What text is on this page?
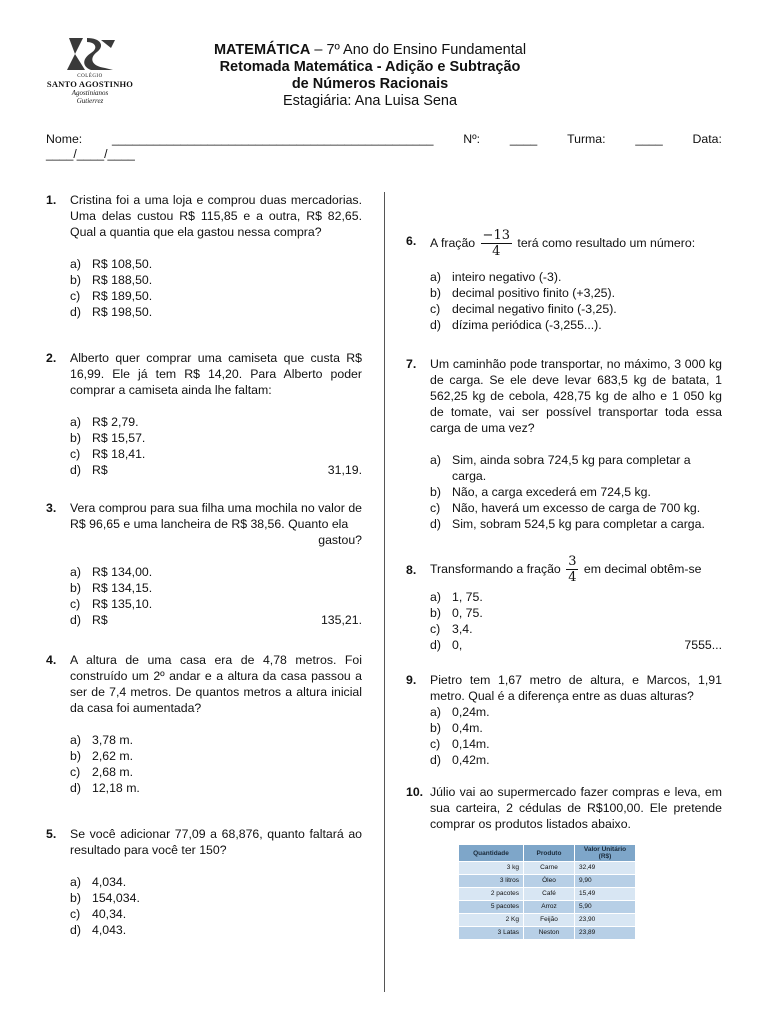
COLÉGIO
SANTO AGOSTINHO
Agostinianos
Gutierrez
MATEMÁTICA – 7º Ano do Ensino Fundamental
Retomada Matemática - Adição e Subtração
de Números Racionais
Estagiária: Ana Luisa Sena
Nome: _______________________________________________ Nº: ____ Turma: ____ Data:
____/____/____
1. Cristina foi a uma loja e comprou duas mercadorias. Uma delas custou R$ 115,85 e a outra, R$ 82,65. Qual a quantia que ela gastou nessa compra?
a) R$ 108,50.
b) R$ 188,50.
c) R$ 189,50.
d) R$ 198,50.
2. Alberto quer comprar uma camiseta que custa R$ 16,99. Ele já tem R$ 14,20. Para Alberto poder comprar a camiseta ainda lhe faltam:
a) R$ 2,79.
b) R$ 15,57.
c) R$ 18,41.
d) R$	31,19.
3. Vera comprou para sua filha uma mochila no valor de R$ 96,65 e uma lancheira de R$ 38,56. Quanto ela
gastou?
a) R$ 134,00.
b) R$ 134,15.
c) R$ 135,10.
d) R$	135,21.
4. A altura de uma casa era de 4,78 metros. Foi construído um 2º andar e a altura da casa passou a ser de 7,4 metros. De quantos metros a altura inicial da casa foi aumentada?
a) 3,78 m.
b) 2,62 m.
c) 2,68 m.
d) 12,18 m.
5. Se você adicionar 77,09 a 68,876, quanto faltará ao resultado para você ter 150?
a) 4,034.
b) 154,034.
c) 40,34.
d) 4,043.
6. A fração $\frac{-13}{4}$ terá como resultado um número:
a) inteiro negativo (-3).
b) decimal positivo finito (+3,25).
c) decimal negativo finito (-3,25).
d) dízima periódica (-3,255...).
7. Um caminhão pode transportar, no máximo, 3 000 kg de carga. Se ele deve levar 683,5 kg de batata, 1 562,25 kg de cebola, 428,75 kg de alho e 1 050 kg de tomate, vai ser possível transportar toda essa carga de uma vez?
a) Sim, ainda sobra 724,5 kg para completar a carga.
b) Não, a carga excederá em 724,5 kg.
c) Não, haverá um excesso de carga de 700 kg.
d) Sim, sobram 524,5 kg para completar a carga.
8. Transformando a fração $\frac{3}{4}$ em decimal obtêm-se
a) 1, 75.
b) 0, 75.
c) 3,4.
d) 0,	7555...
9. Pietro tem 1,67 metro de altura, e Marcos, 1,91 metro. Qual é a diferença entre as duas alturas?
a) 0,24m.
b) 0,4m.
c) 0,14m.
d) 0,42m.
10. Júlio vai ao supermercado fazer compras e leva, em sua carteira, 2 cédulas de R$100,00. Ele pretende comprar os produtos listados abaixo.
Quantidade	Produto	Valor Unitário (R$)
3 kg	Carne	32,49
3 litros	Óleo	9,90
2 pacotes	Café	15,49
5 pacotes	Arroz	5,90
2 Kg	Feijão	23,90
3 Latas	Neston	23,89
